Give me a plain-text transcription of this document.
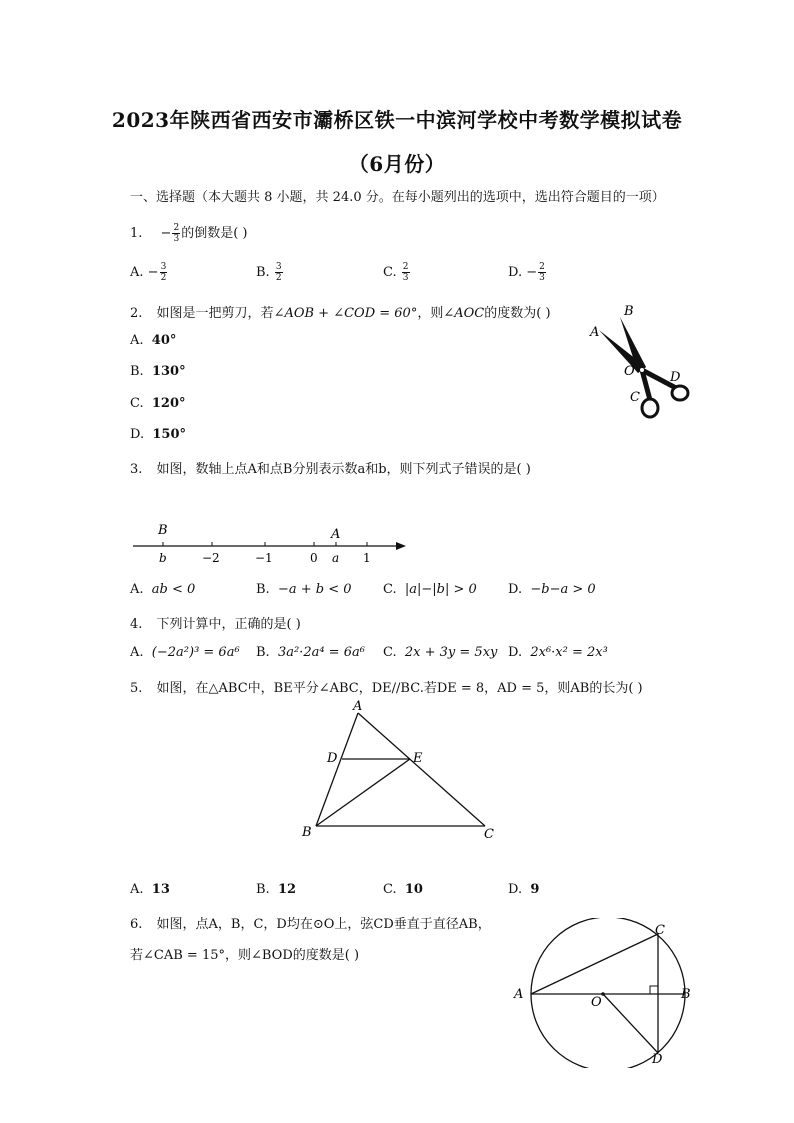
2023年陕西省西安市灞桥区铁一中滨河学校中考数学模拟试卷
（6月份）
一、选择题（本大题共 8 小题，共 24.0 分。在每小题列出的选项中，选出符合题目的一项）
1. − $\frac{2}{3}$ 的倒数是( )
A. − $\frac{3}{2}$	B. $\frac{3}{2}$	C. $\frac{2}{3}$	D. − $\frac{2}{3}$
2. 如图是一把剪刀，若∠AOB + ∠COD = 60°，则∠AOC的度数为( )
A. 40°
B. 130°
C. 120°
D. 150°
A
B
O
C
D
3. 如图，数轴上点A和点B分别表示数a和b，则下列式子错误的是( )
B	A
b	−2	−1	0 a 1
A. ab < 0	B. −a + b < 0 C. |a|−|b| > 0 D. −b−a > 0
4. 下列计算中，正确的是( )
A. (−2a²)³ = 6a⁶ B. 3a²·2a⁴ = 6a⁶ C. 2x + 3y = 5xy D. 2x⁶·x² = 2x³
5. 如图，在△ABC中，BE平分∠ABC，DE//BC.若DE = 8，AD = 5，则AB的长为( )
A
D	E
B	C
A. 13	B. 12	C. 10	D. 9
6. 如图，点A，B，C，D均在⊙O上，弦CD垂直于直径AB，
若∠CAB = 15°，则∠BOD的度数是( )
A
O
B
C
D
